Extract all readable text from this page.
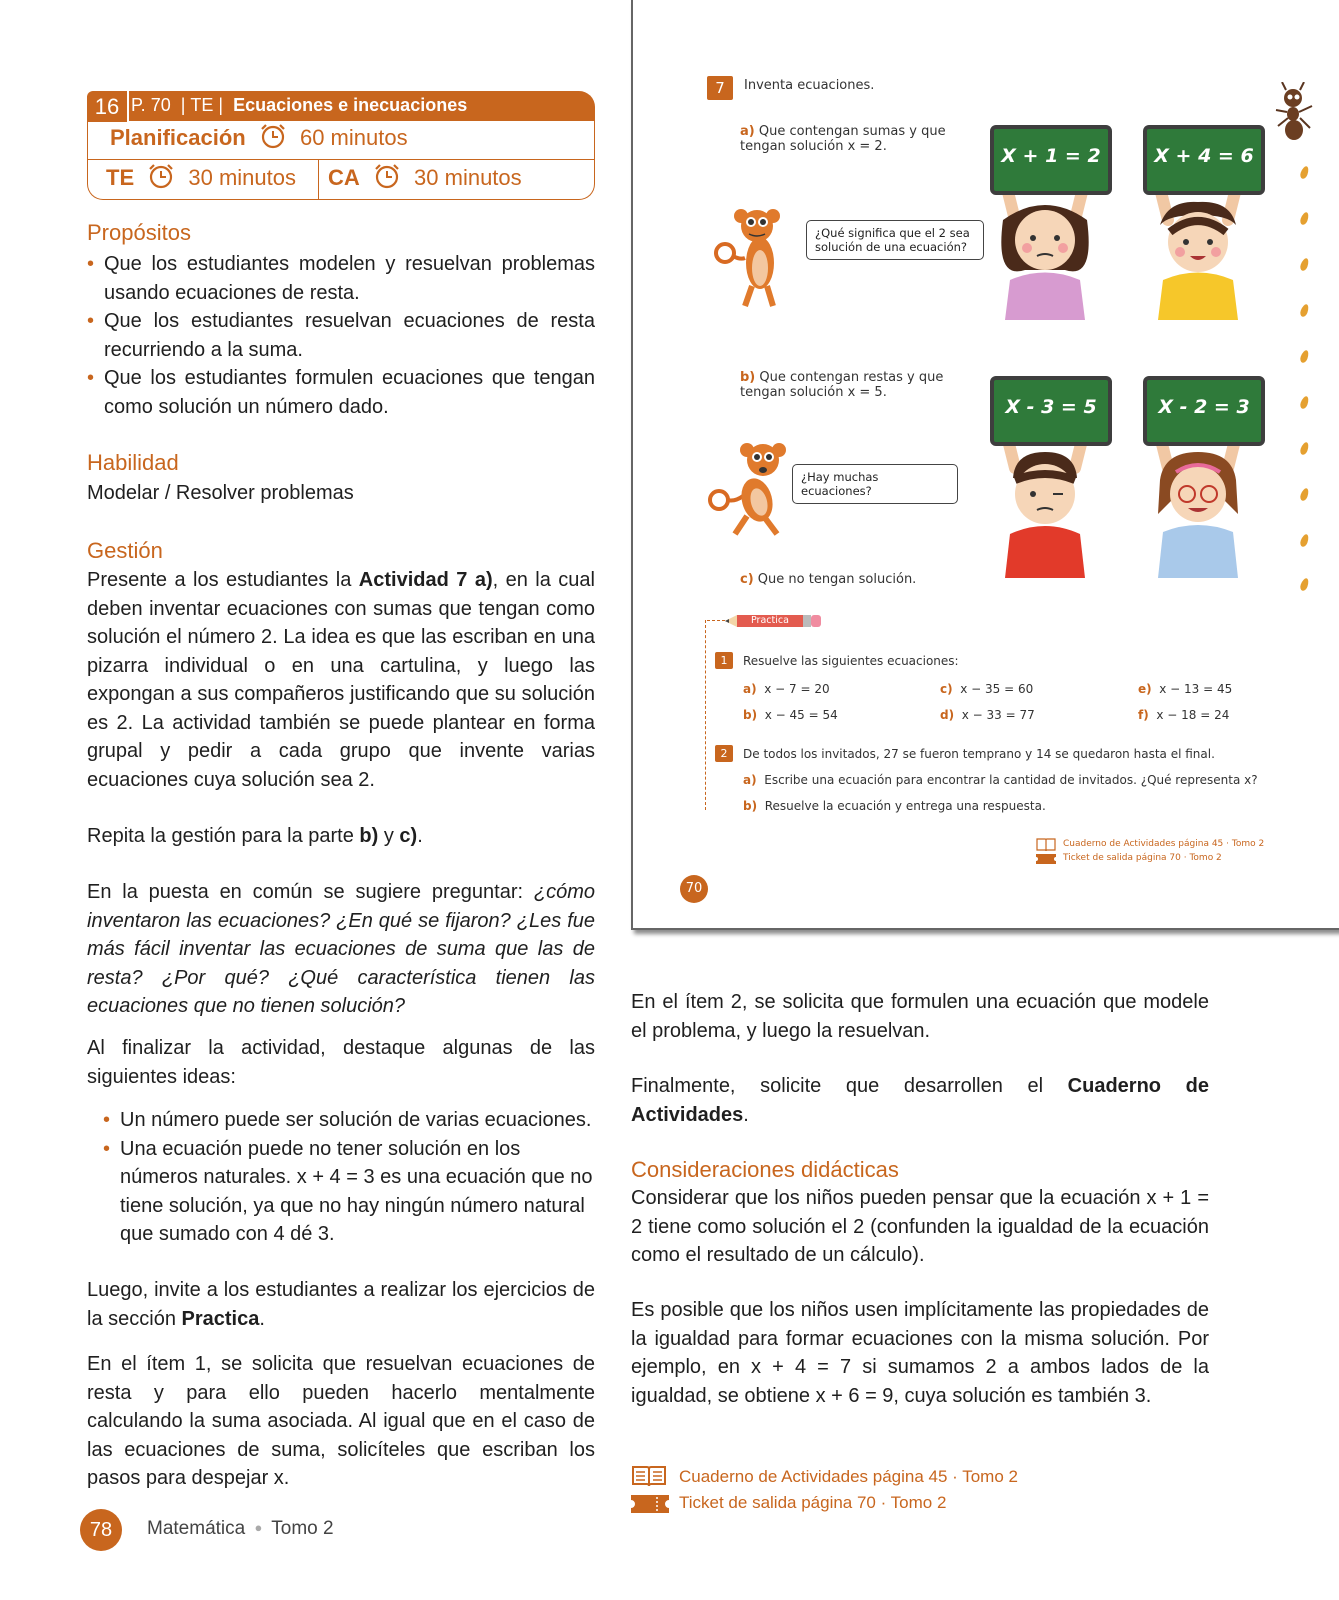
16 P. 70  | TE |  Ecuaciones e inecuaciones
Planificación 60 minutos
TE 30 minutos CA 30 minutos
Propósitos
• Que los estudiantes modelen y resuelvan problemas usando ecuaciones de resta.
• Que los estudiantes resuelvan ecuaciones de resta recurriendo a la suma.
• Que los estudiantes formulen ecuaciones que tengan como solución un número dado.
Habilidad
Modelar / Resolver problemas
Gestión
Presente a los estudiantes la Actividad 7 a), en la cual deben inventar ecuaciones con sumas que tengan como solución el número 2. La idea es que las escriban en una pizarra individual o en una cartulina, y luego las expongan a sus compañeros justificando que su solución es 2. La actividad también se puede plantear en forma grupal y pedir a cada grupo que invente varias ecuaciones cuya solución sea 2.
Repita la gestión para la parte b) y c).
En la puesta en común se sugiere preguntar: ¿cómo inventaron las ecuaciones? ¿En qué se fijaron? ¿Les fue más fácil inventar las ecuaciones de suma que las de resta? ¿Por qué? ¿Qué característica tienen las ecuaciones que no tienen solución?
Al finalizar la actividad, destaque algunas de las siguientes ideas:
• Un número puede ser solución de varias ecuaciones.
• Una ecuación puede no tener solución en los números naturales. x + 4 = 3 es una ecuación que no tiene solución, ya que no hay ningún número natural que sumado con 4 dé 3.
Luego, invite a los estudiantes a realizar los ejercicios de la sección Practica.
En el ítem 1, se solicita que resuelvan ecuaciones de resta y para ello pueden hacerlo mentalmente calculando la suma asociada. Al igual que en el caso de las ecuaciones de suma, solicíteles que escriban los pasos para despejar x.
En el ítem 2, se solicita que formulen una ecuación que modele el problema, y luego la resuelvan.
Finalmente, solicite que desarrollen el Cuaderno de Actividades.
Consideraciones didácticas
Considerar que los niños pueden pensar que la ecuación x + 1 = 2 tiene como solución el 2 (confunden la igualdad de la ecuación como el resultado de un cálculo).
Es posible que los niños usen implícitamente las propiedades de la igualdad para formar ecuaciones con la misma solución. Por ejemplo, en x + 4 = 7 si sumamos 2 a ambos lados de la igualdad, se obtiene x + 6 = 9, cuya solución es también 3.
Cuaderno de Actividades página 45 · Tomo 2
Ticket de salida página 70 · Tomo 2
7	Inventa ecuaciones.
a) Que contengan sumas y que tengan solución x = 2.
¿Qué significa que el 2 sea solución de una ecuación?
X + 1 = 2	X + 4 = 6
b) Que contengan restas y que tengan solución x = 5.
¿Hay muchas ecuaciones?
X - 3 = 5	X - 2 = 3
c) Que no tengan solución.
Practica
1	Resuelve las siguientes ecuaciones:
a) x − 7 = 20	c) x − 35 = 60	e) x − 13 = 45
b) x − 45 = 54	d) x − 33 = 77	f) x − 18 = 24
2	De todos los invitados, 27 se fueron temprano y 14 se quedaron hasta el final.
a) Escribe una ecuación para encontrar la cantidad de invitados. ¿Qué representa x?
b) Resuelve la ecuación y entrega una respuesta.
Cuaderno de Actividades página 45 · Tomo 2
Ticket de salida página 70 · Tomo 2
70
78	Matemática ● Tomo 2
